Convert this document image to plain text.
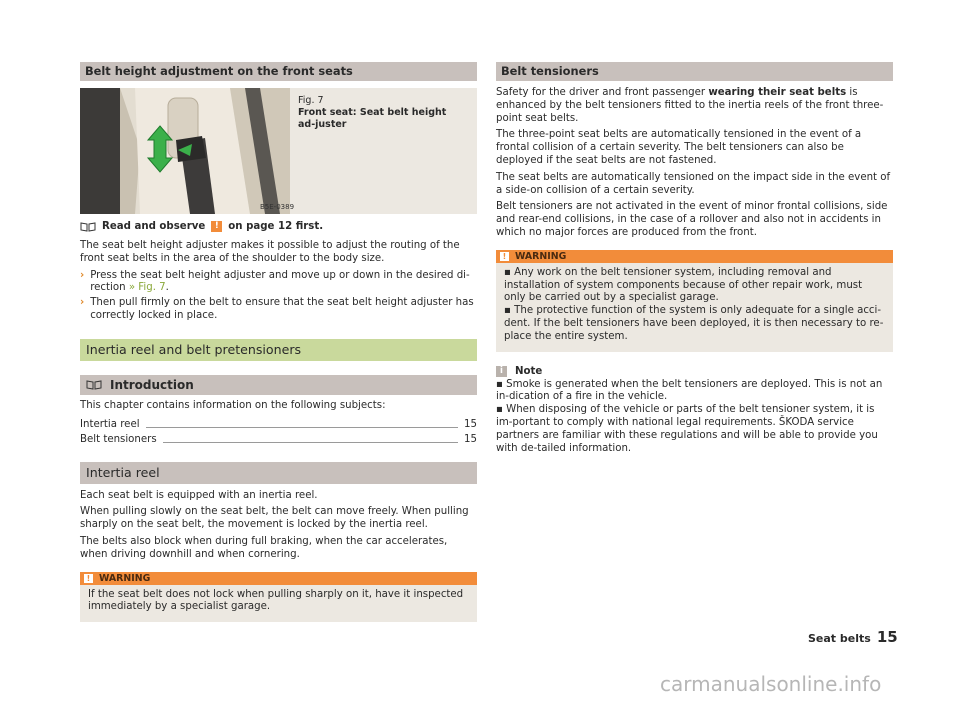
Belt height adjustment on the front seats
B5E-0389
Fig. 7
Front seat: Seat belt height ad-juster
Read and observe	! on page 12 first.

The seat belt height adjuster makes it possible to adjust the routing of the front seat belts in the area of the shoulder to the body size.

› Press the seat belt height adjuster and move up or down in the desired di-rection » Fig. 7.
› Then pull firmly on the belt to ensure that the seat belt height adjuster has correctly locked in place.
Inertia reel and belt pretensioners
Introduction

This chapter contains information on the following subjects:

Intertia reel	15
Belt tensioners	15
Intertia reel

Each seat belt is equipped with an inertia reel.

When pulling slowly on the seat belt, the belt can move freely. When pulling sharply on the seat belt, the movement is locked by the inertia reel.

The belts also block when during full braking, when the car accelerates, when driving downhill and when cornering.

! WARNING
If the seat belt does not lock when pulling sharply on it, have it inspected immediately by a specialist garage.
Belt tensioners

Safety for the driver and front passenger wearing their seat belts is enhanced by the belt tensioners fitted to the inertia reels of the front three-point seat belts.

The three-point seat belts are automatically tensioned in the event of a frontal collision of a certain severity. The belt tensioners can also be deployed if the seat belts are not fastened.

The seat belts are automatically tensioned on the impact side in the event of a side-on collision of a certain severity.

Belt tensioners are not activated in the event of minor frontal collisions, side and rear-end collisions, in the case of a rollover and also not in accidents in which no major forces are produced from the front.

! WARNING
▪ Any work on the belt tensioner system, including removal and installation of system components because of other repair work, must only be carried out by a specialist garage.
▪ The protective function of the system is only adequate for a single acci-dent. If the belt tensioners have been deployed, it is then necessary to re-place the entire system.
i	Note
▪ Smoke is generated when the belt tensioners are deployed. This is not an in-dication of a fire in the vehicle.
▪ When disposing of the vehicle or parts of the belt tensioner system, it is im-portant to comply with national legal requirements. ŠKODA service partners are familiar with these regulations and will be able to provide you with de-tailed information.
Seat belts 15
carmanualsonline.info
